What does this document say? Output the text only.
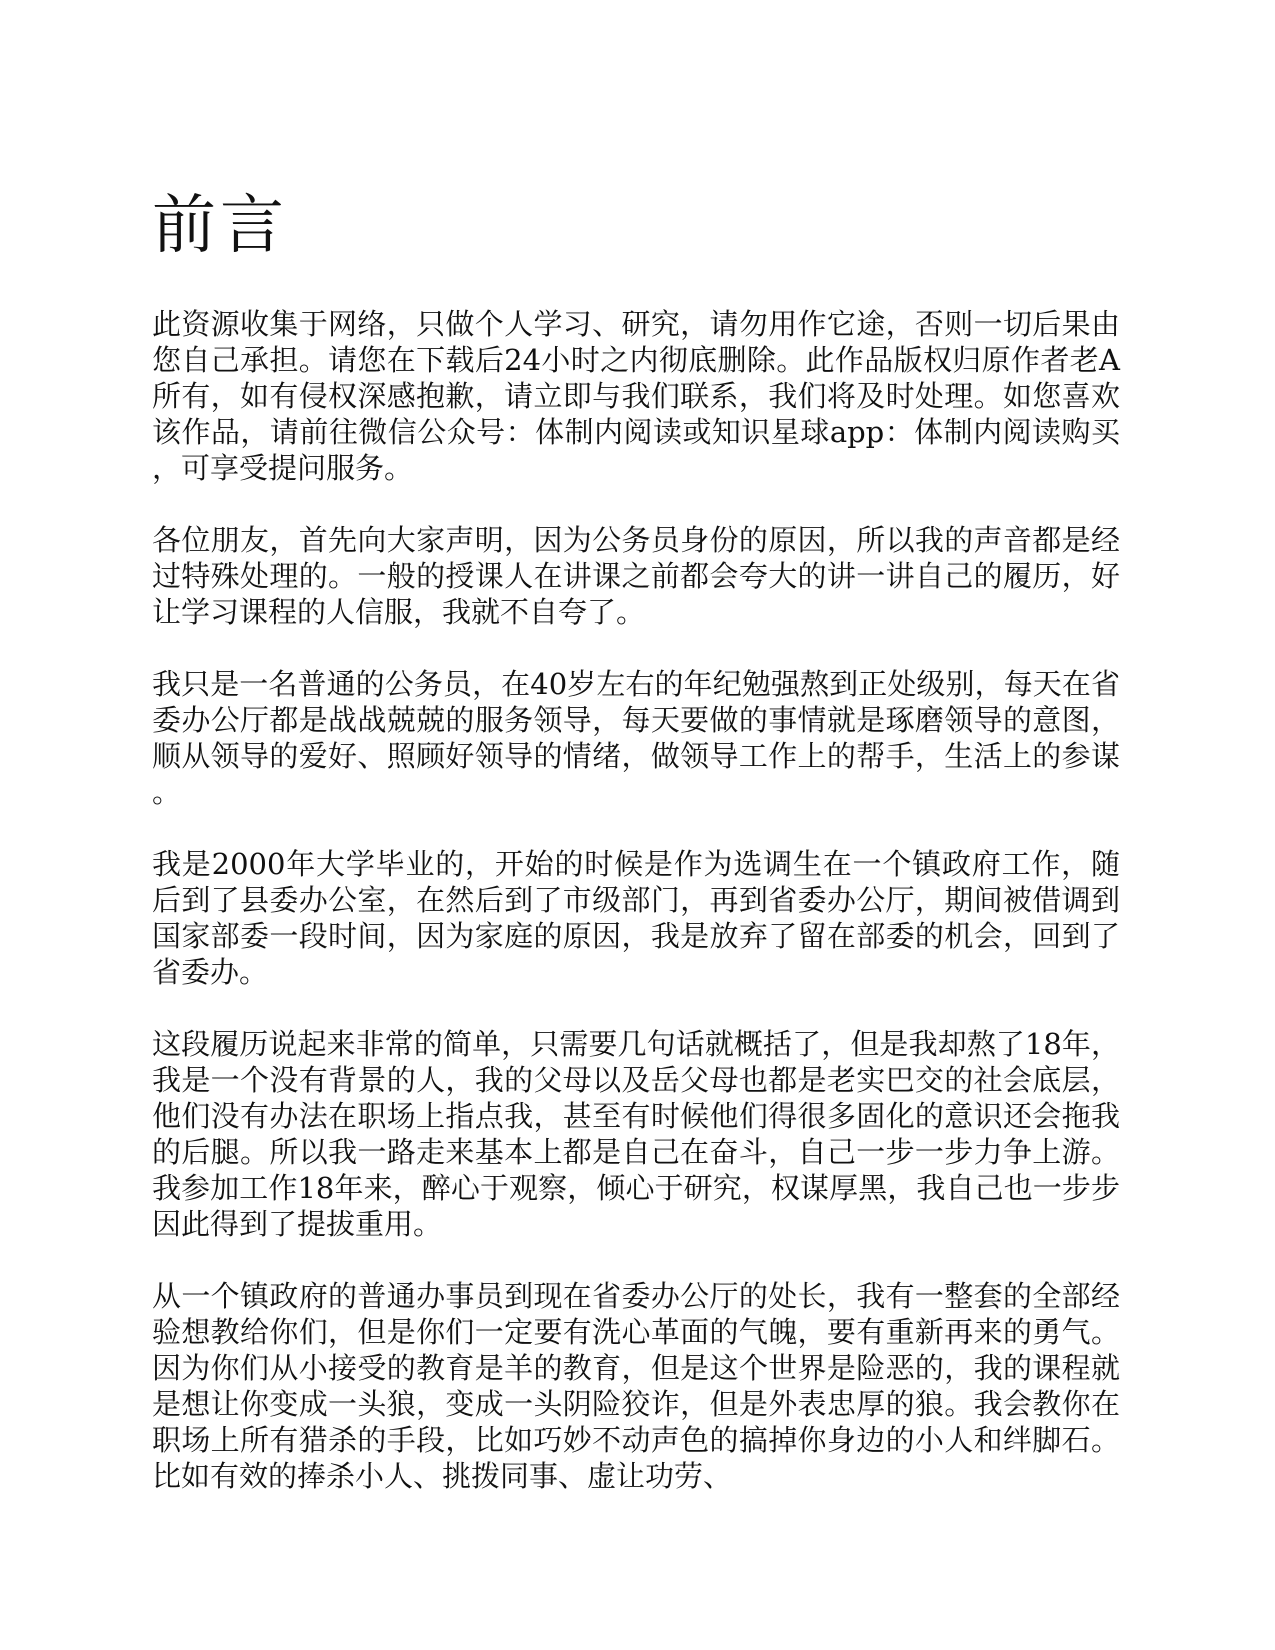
前言

此资源收集于网络，只做个人学习、研究，请勿用作它途，否则一切后果由您自己承担。请您在下载后24小时之内彻底删除。此作品版权归原作者老A所有，如有侵权深感抱歉，请立即与我们联系，我们将及时处理。如您喜欢该作品，请前往微信公众号：体制内阅读或知识星球app：体制内阅读购买，可享受提问服务。

各位朋友，首先向大家声明，因为公务员身份的原因，所以我的声音都是经过特殊处理的。一般的授课人在讲课之前都会夸大的讲一讲自己的履历，好让学习课程的人信服，我就不自夸了。

我只是一名普通的公务员，在40岁左右的年纪勉强熬到正处级别，每天在省委办公厅都是战战兢兢的服务领导，每天要做的事情就是琢磨领导的意图，顺从领导的爱好、照顾好领导的情绪，做领导工作上的帮手，生活上的参谋。

我是2000年大学毕业的，开始的时候是作为选调生在一个镇政府工作，随后到了县委办公室，在然后到了市级部门，再到省委办公厅，期间被借调到国家部委一段时间，因为家庭的原因，我是放弃了留在部委的机会，回到了省委办。

这段履历说起来非常的简单，只需要几句话就概括了，但是我却熬了18年，我是一个没有背景的人，我的父母以及岳父母也都是老实巴交的社会底层，他们没有办法在职场上指点我，甚至有时候他们得很多固化的意识还会拖我的后腿。所以我一路走来基本上都是自己在奋斗，自己一步一步力争上游。我参加工作18年来，醉心于观察，倾心于研究，权谋厚黑，我自己也一步步因此得到了提拔重用。

从一个镇政府的普通办事员到现在省委办公厅的处长，我有一整套的全部经验想教给你们，但是你们一定要有洗心革面的气魄，要有重新再来的勇气。因为你们从小接受的教育是羊的教育，但是这个世界是险恶的，我的课程就是想让你变成一头狼，变成一头阴险狡诈，但是外表忠厚的狼。我会教你在职场上所有猎杀的手段，比如巧妙不动声色的搞掉你身边的小人和绊脚石。比如有效的捧杀小人、挑拨同事、虚让功劳、
